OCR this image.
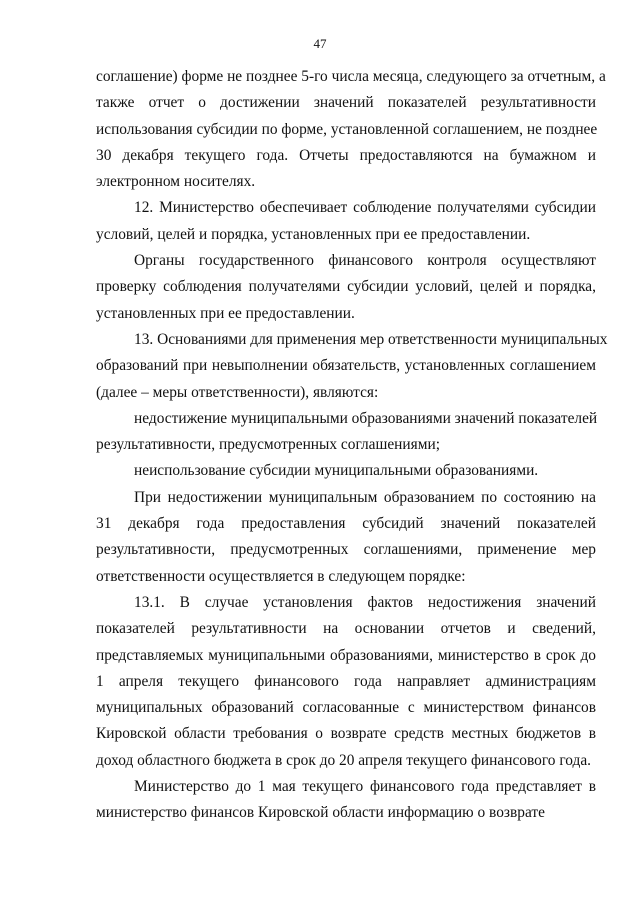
47
соглашение) форме не позднее 5-го числа месяца, следующего за отчетным, а
также отчет о достижении значений показателей результативности
использования субсидии по форме, установленной соглашением, не позднее
30 декабря текущего года. Отчеты предоставляются на бумажном и
электронном носителях.
12. Министерство обеспечивает соблюдение получателями субсидии
условий, целей и порядка, установленных при ее предоставлении.
Органы государственного финансового контроля осуществляют
проверку соблюдения получателями субсидии условий, целей и порядка,
установленных при ее предоставлении.
13. Основаниями для применения мер ответственности муниципальных
образований при невыполнении обязательств, установленных соглашением
(далее – меры ответственности), являются:
недостижение муниципальными образованиями значений показателей
результативности, предусмотренных соглашениями;
неиспользование субсидии муниципальными образованиями.
При недостижении муниципальным образованием по состоянию на
31 декабря года предоставления субсидий значений показателей
результативности, предусмотренных соглашениями, применение мер
ответственности осуществляется в следующем порядке:
13.1. В случае установления фактов недостижения значений
показателей результативности на основании отчетов и сведений,
представляемых муниципальными образованиями, министерство в срок до
1 апреля текущего финансового года направляет администрациям
муниципальных образований согласованные с министерством финансов
Кировской области требования о возврате средств местных бюджетов в
доход областного бюджета в срок до 20 апреля текущего финансового года.
Министерство до 1 мая текущего финансового года представляет в
министерство финансов Кировской области информацию о возврате
